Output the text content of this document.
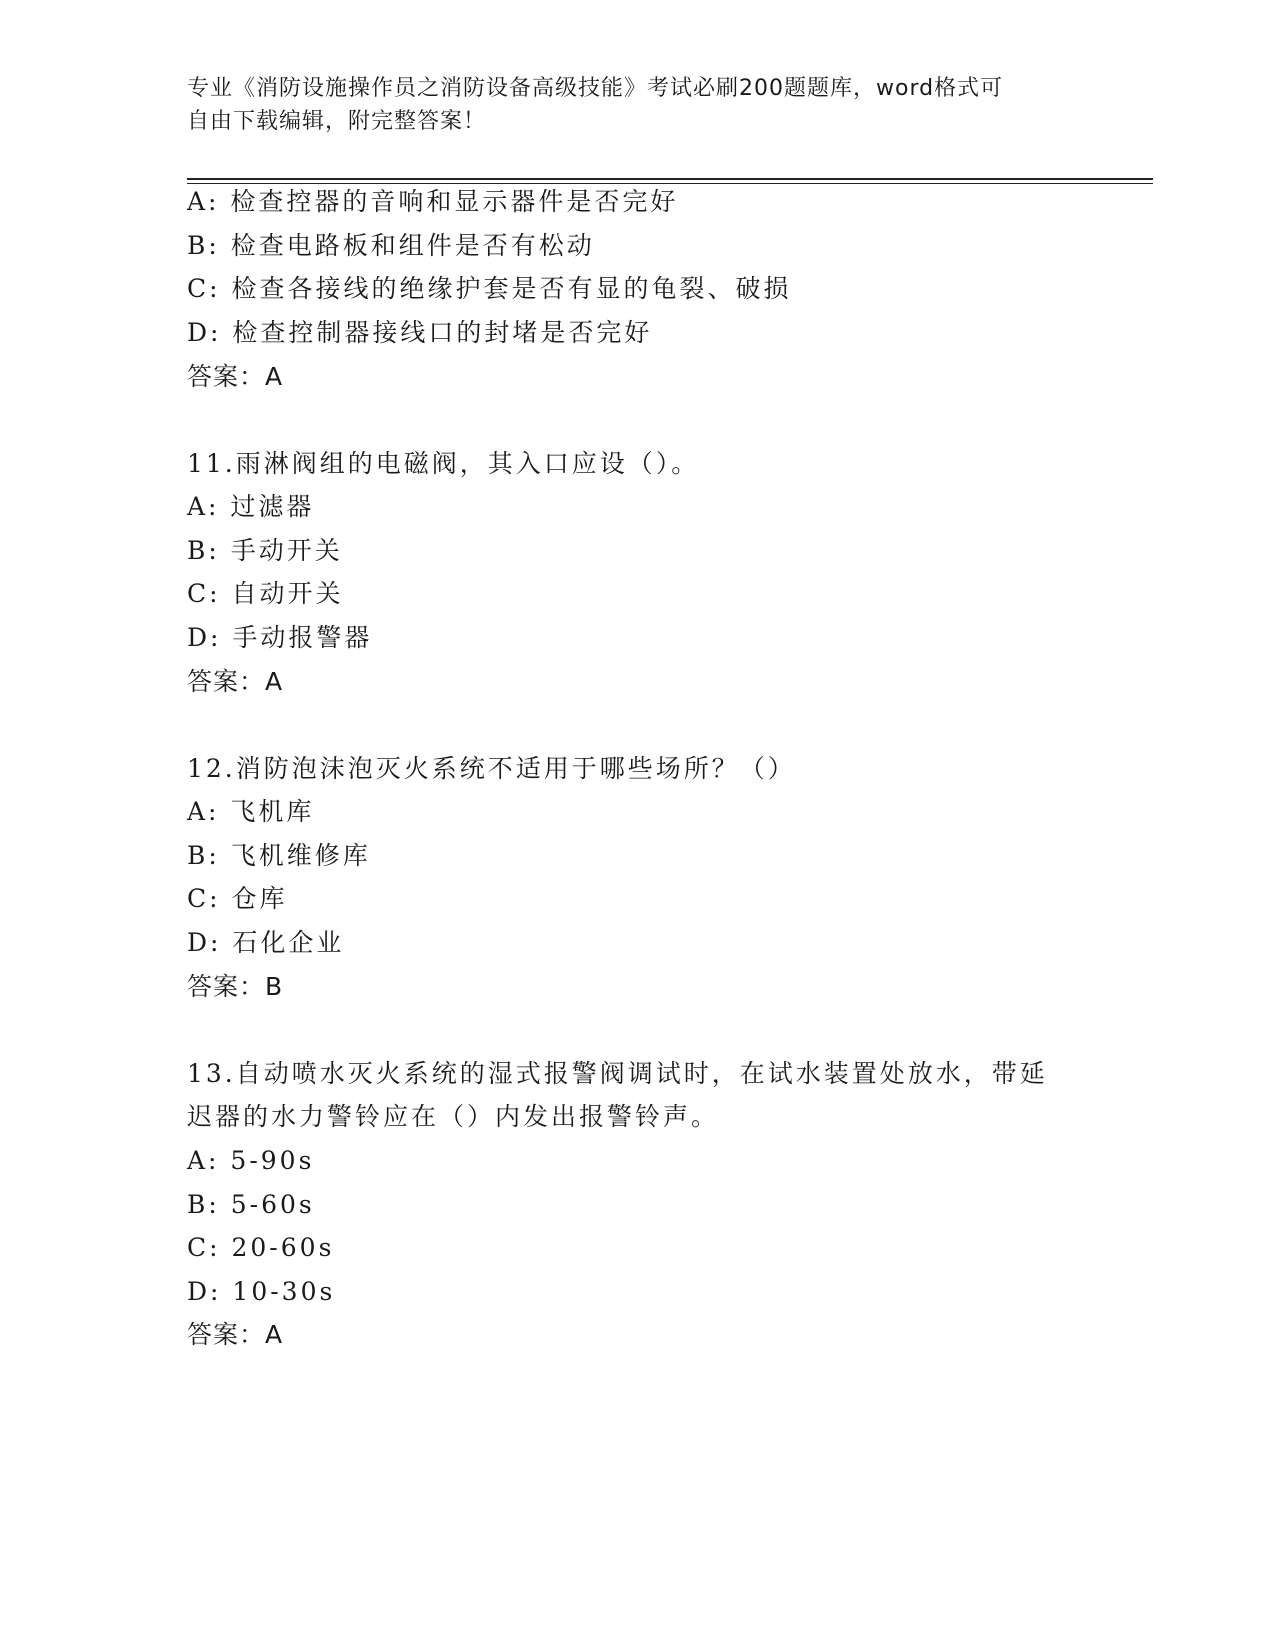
专业《消防设施操作员之消防设备高级技能》考试必刷200题题库，word格式可
自由下载编辑，附完整答案！
A: 检查控器的音响和显示器件是否完好
B: 检查电路板和组件是否有松动
C: 检查各接线的绝缘护套是否有显的龟裂、破损
D: 检查控制器接线口的封堵是否完好
答案：A
11.雨淋阀组的电磁阀，其入口应设（）。
A: 过滤器
B: 手动开关
C: 自动开关
D: 手动报警器
答案：A
12.消防泡沫泡灭火系统不适用于哪些场所？（）
A: 飞机库
B: 飞机维修库
C: 仓库
D: 石化企业
答案：B
13.自动喷水灭火系统的湿式报警阀调试时，在试水装置处放水，带延
迟器的水力警铃应在（）内发出报警铃声。
A: 5-90s
B: 5-60s
C: 20-60s
D: 10-30s
答案：A
